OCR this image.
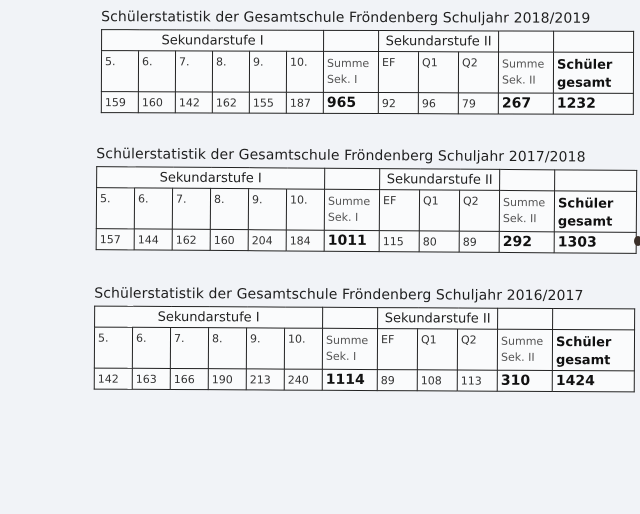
Schülerstatistik der Gesamtschule Fröndenberg Schuljahr 2018/2019
Sekundarstufe I							Sekundarstufe II				
5.	6.	7.	8.	9.	10.	Summe Sek. I	EF	Q1	Q2	Summe Sek. II	Schüler gesamt
159	160	142	162	155	187	965	92	96	79	267	1232
Schülerstatistik der Gesamtschule Fröndenberg Schuljahr 2017/2018
Sekundarstufe I							Sekundarstufe II				
5.	6.	7.	8.	9.	10.	Summe Sek. I	EF	Q1	Q2	Summe Sek. II	Schüler gesamt
157	144	162	160	204	184	1011	115	80	89	292	1303
Schülerstatistik der Gesamtschule Fröndenberg Schuljahr 2016/2017
Sekundarstufe I							Sekundarstufe II				
5.	6.	7.	8.	9.	10.	Summe Sek. I	EF	Q1	Q2	Summe Sek. II	Schüler gesamt
142	163	166	190	213	240	1114	89	108	113	310	1424
